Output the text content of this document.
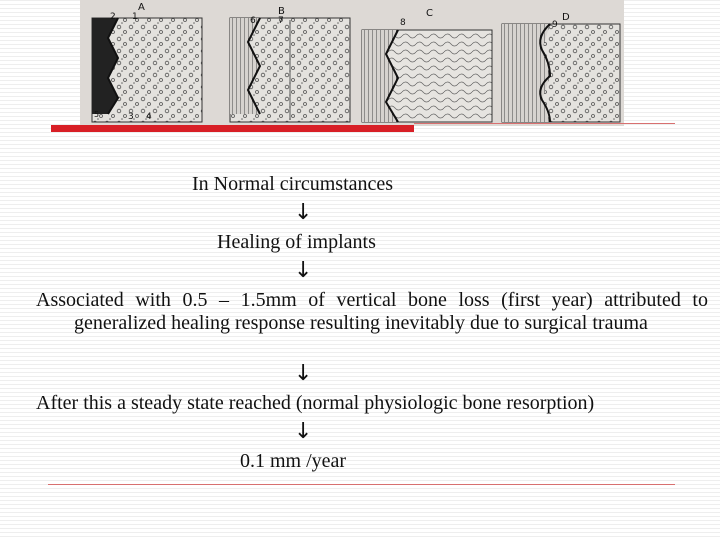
A	B	C	D
2 1
3 4
6 7	8	9
5
In Normal circumstances
↓
Healing of implants
↓
Associated with 0.5 – 1.5mm of vertical bone loss (first year) attributed to generalized healing response resulting inevitably due to surgical trauma
↓
After this a steady state reached (normal physiologic bone resorption)
↓
0.1 mm /year
